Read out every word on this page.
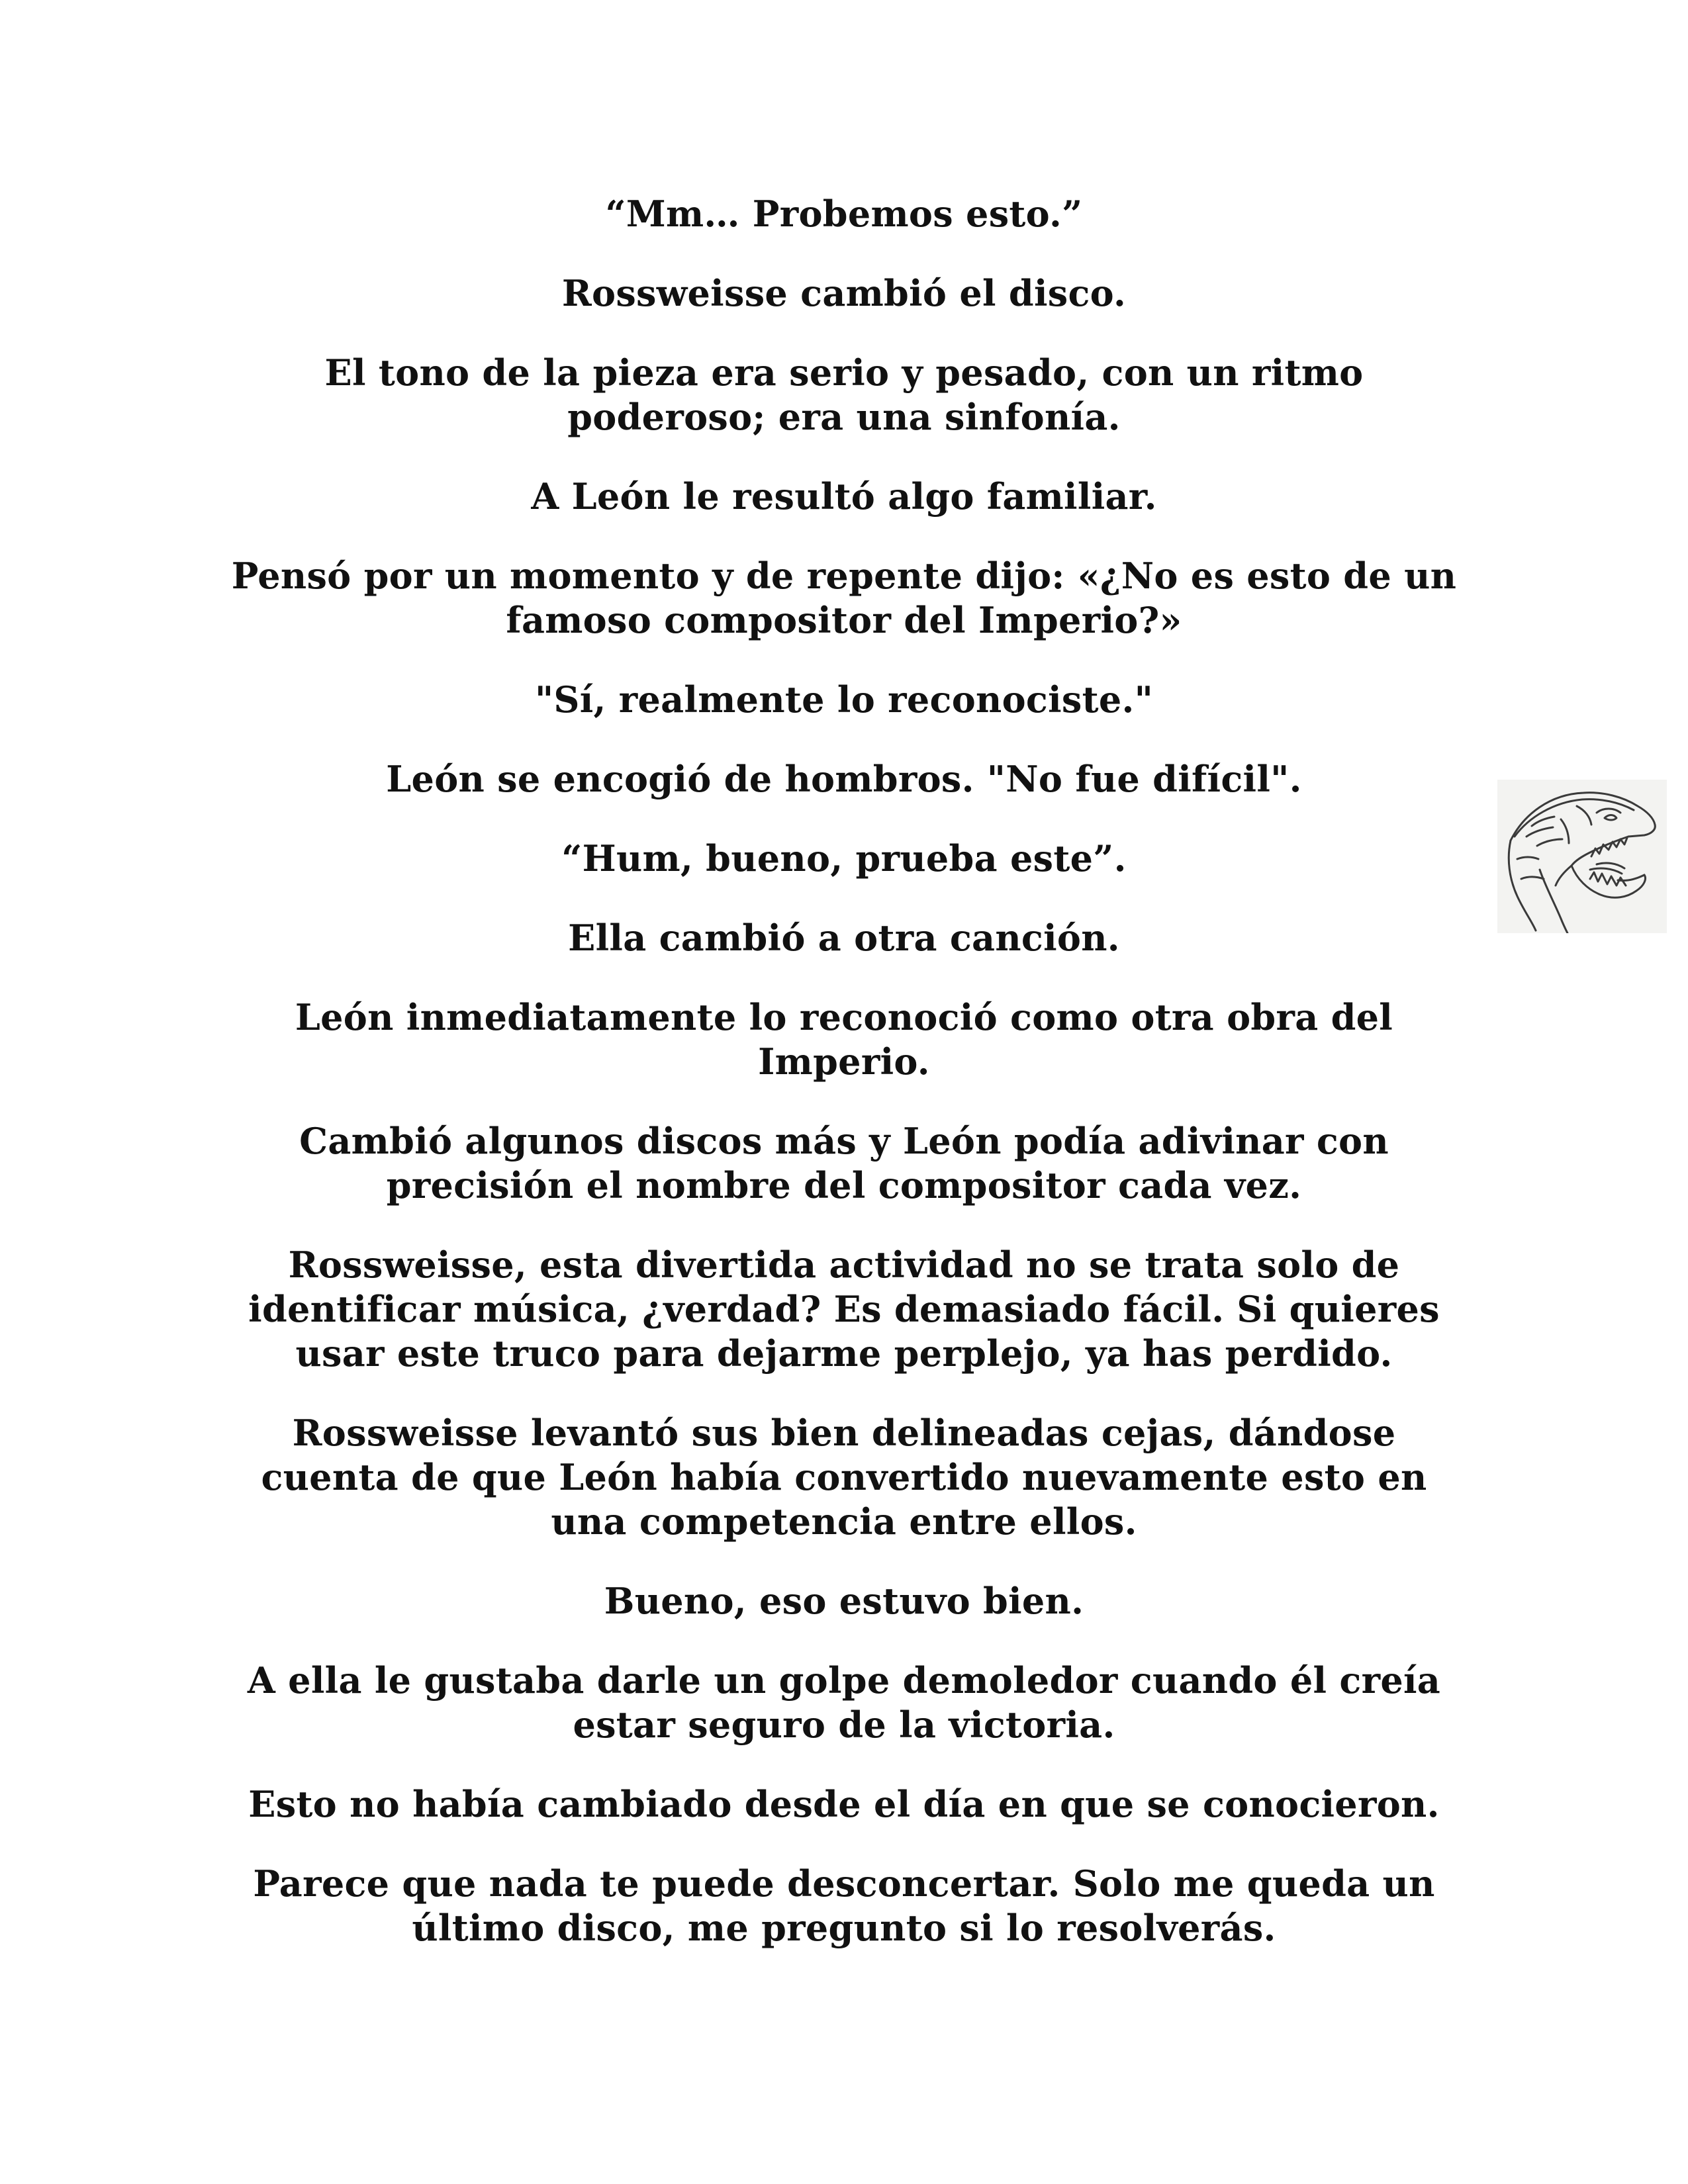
“Mm… Probemos esto.”

Rossweisse cambió el disco.

El tono de la pieza era serio y pesado, con un ritmo poderoso; era una sinfonía.

A León le resultó algo familiar.

Pensó por un momento y de repente dijo: «¿No es esto de un famoso compositor del Imperio?»

"Sí, realmente lo reconociste."

León se encogió de hombros. "No fue difícil".

“Hum, bueno, prueba este”.

Ella cambió a otra canción.

León inmediatamente lo reconoció como otra obra del Imperio.

Cambió algunos discos más y León podía adivinar con precisión el nombre del compositor cada vez.

Rossweisse, esta divertida actividad no se trata solo de identificar música, ¿verdad? Es demasiado fácil. Si quieres usar este truco para dejarme perplejo, ya has perdido.

Rossweisse levantó sus bien delineadas cejas, dándose cuenta de que León había convertido nuevamente esto en una competencia entre ellos.

Bueno, eso estuvo bien.

A ella le gustaba darle un golpe demoledor cuando él creía estar seguro de la victoria.

Esto no había cambiado desde el día en que se conocieron.

Parece que nada te puede desconcertar. Solo me queda un último disco, me pregunto si lo resolverás.
